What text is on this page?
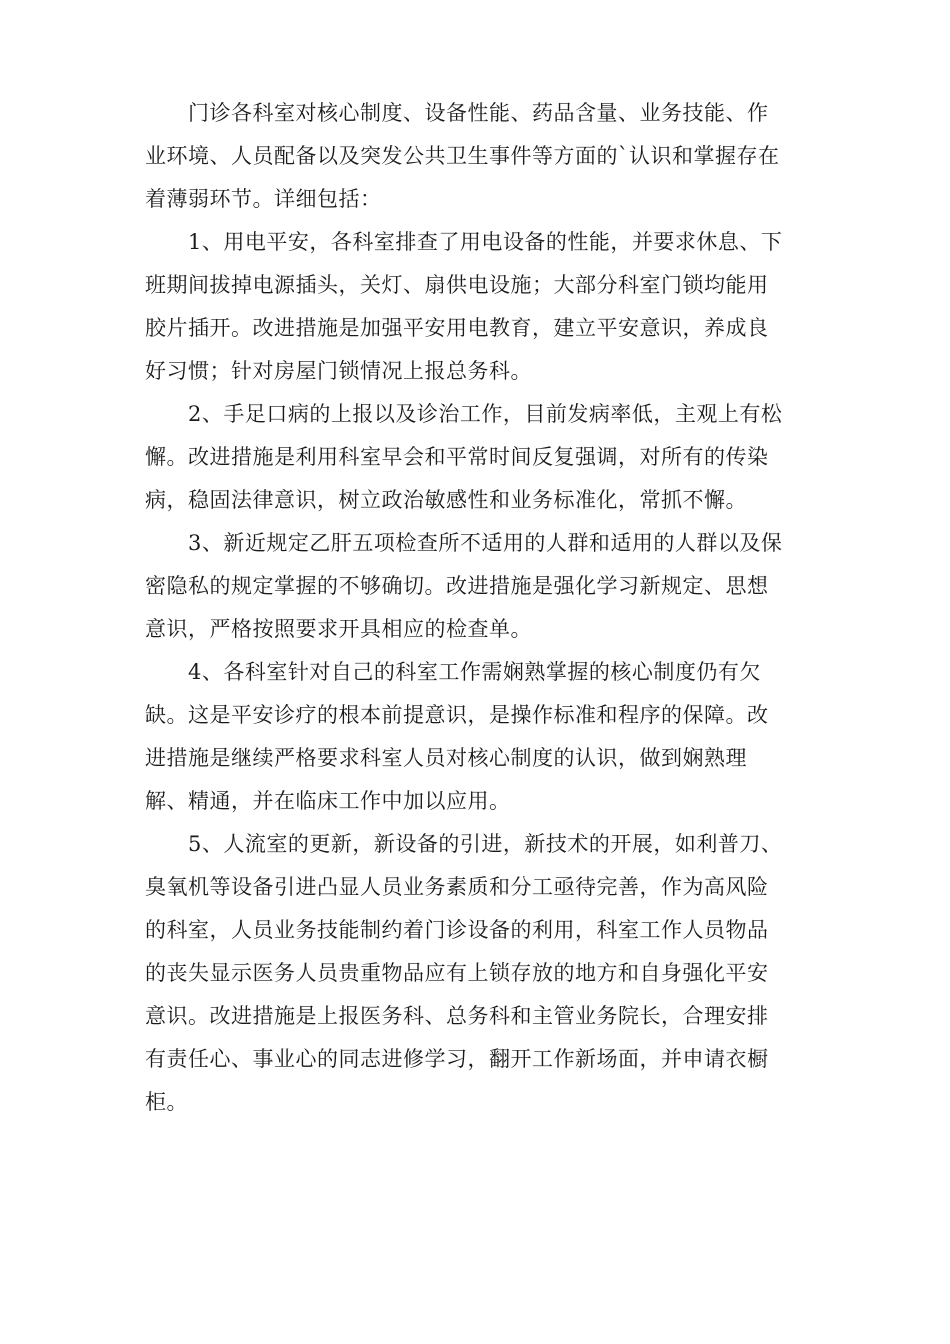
　　门诊各科室对核心制度、设备性能、药品含量、业务技能、作
业环境、人员配备以及突发公共卫生事件等方面的`认识和掌握存在
着薄弱环节。详细包括：
　　1、用电平安，各科室排查了用电设备的性能，并要求休息、下
班期间拔掉电源插头，关灯、扇供电设施；大部分科室门锁均能用
胶片插开。改进措施是加强平安用电教育，建立平安意识，养成良
好习惯；针对房屋门锁情况上报总务科。
　　2、手足口病的上报以及诊治工作，目前发病率低，主观上有松
懈。改进措施是利用科室早会和平常时间反复强调，对所有的传染
病，稳固法律意识，树立政治敏感性和业务标准化，常抓不懈。
　　3、新近规定乙肝五项检查所不适用的人群和适用的人群以及保
密隐私的规定掌握的不够确切。改进措施是强化学习新规定、思想
意识，严格按照要求开具相应的检查单。
　　4、各科室针对自己的科室工作需娴熟掌握的核心制度仍有欠
缺。这是平安诊疗的根本前提意识，是操作标准和程序的保障。改
进措施是继续严格要求科室人员对核心制度的认识，做到娴熟理
解、精通，并在临床工作中加以应用。
　　5、人流室的更新，新设备的引进，新技术的开展，如利普刀、
臭氧机等设备引进凸显人员业务素质和分工亟待完善，作为高风险
的科室，人员业务技能制约着门诊设备的利用，科室工作人员物品
的丧失显示医务人员贵重物品应有上锁存放的地方和自身强化平安
意识。改进措施是上报医务科、总务科和主管业务院长，合理安排
有责任心、事业心的同志进修学习，翻开工作新场面，并申请衣橱
柜。
